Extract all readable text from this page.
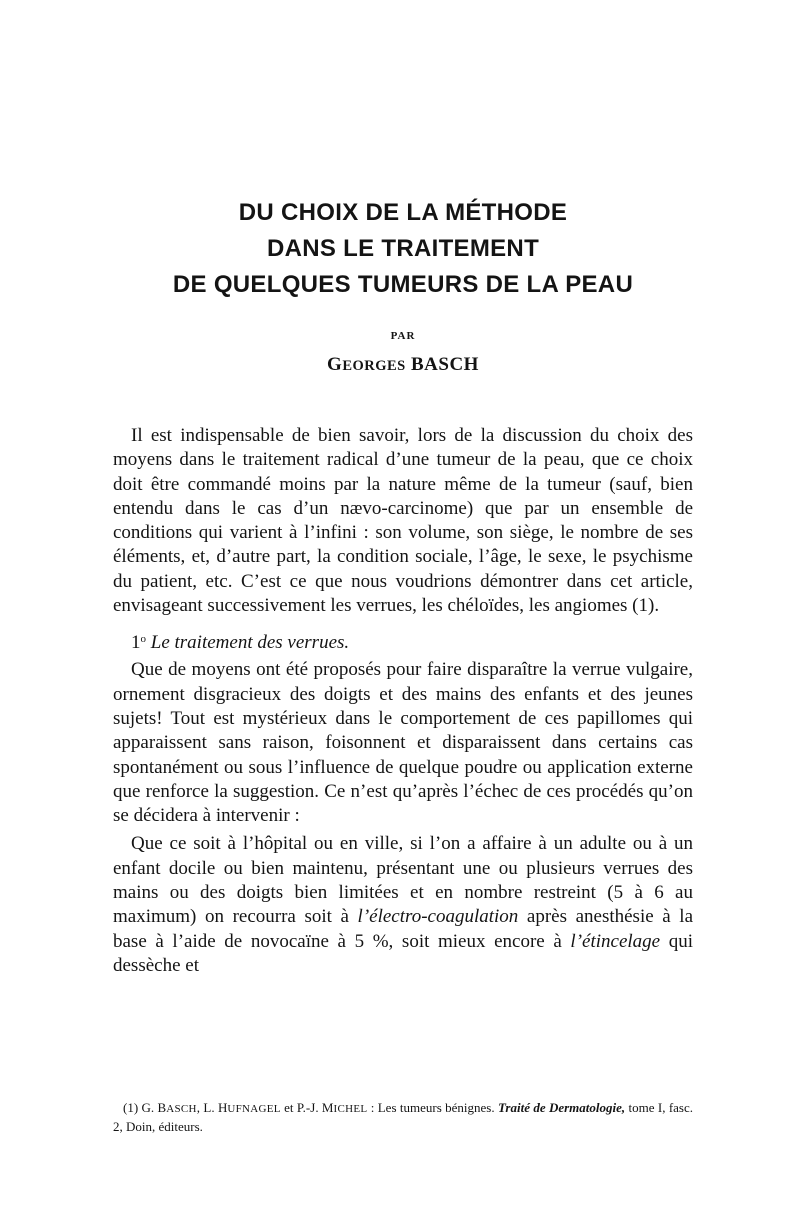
DU CHOIX DE LA MÉTHODE
DANS LE TRAITEMENT
DE QUELQUES TUMEURS DE LA PEAU
PAR
GEORGES BASCH

Il est indispensable de bien savoir, lors de la discussion du choix des moyens dans le traitement radical d’une tumeur de la peau, que ce choix doit être commandé moins par la nature même de la tumeur (sauf, bien entendu dans le cas d’un nævo-carcinome) que par un ensemble de conditions qui varient à l’infini : son volume, son siège, le nombre de ses éléments, et, d’autre part, la condition sociale, l’âge, le sexe, le psychisme du patient, etc. C’est ce que nous voudrions démontrer dans cet article, envisageant successivement les verrues, les chéloïdes, les angiomes (1).

1$^o$ Le traitement des verrues.

Que de moyens ont été proposés pour faire disparaître la verrue vulgaire, ornement disgracieux des doigts et des mains des enfants et des jeunes sujets! Tout est mystérieux dans le comportement de ces papillomes qui apparaissent sans raison, foisonnent et disparaissent dans certains cas spontanément ou sous l’influence de quelque poudre ou application externe que renforce la suggestion. Ce n’est qu’après l’échec de ces procédés qu’on se décidera à intervenir :

Que ce soit à l’hôpital ou en ville, si l’on a affaire à un adulte ou à un enfant docile ou bien maintenu, présentant une ou plusieurs verrues des mains ou des doigts bien limitées et en nombre restreint (5 à 6 au maximum) on recourra soit à l’électro-coagulation après anesthésie à la base à l’aide de novocaïne à 5 %, soit mieux encore à l’étincelage qui dessèche et

(1) G. BASCH, L. HUFNAGEL et P.-J. MICHEL : Les tumeurs bénignes. Traité de Dermatologie, tome I, fasc. 2, Doin, éditeurs.
